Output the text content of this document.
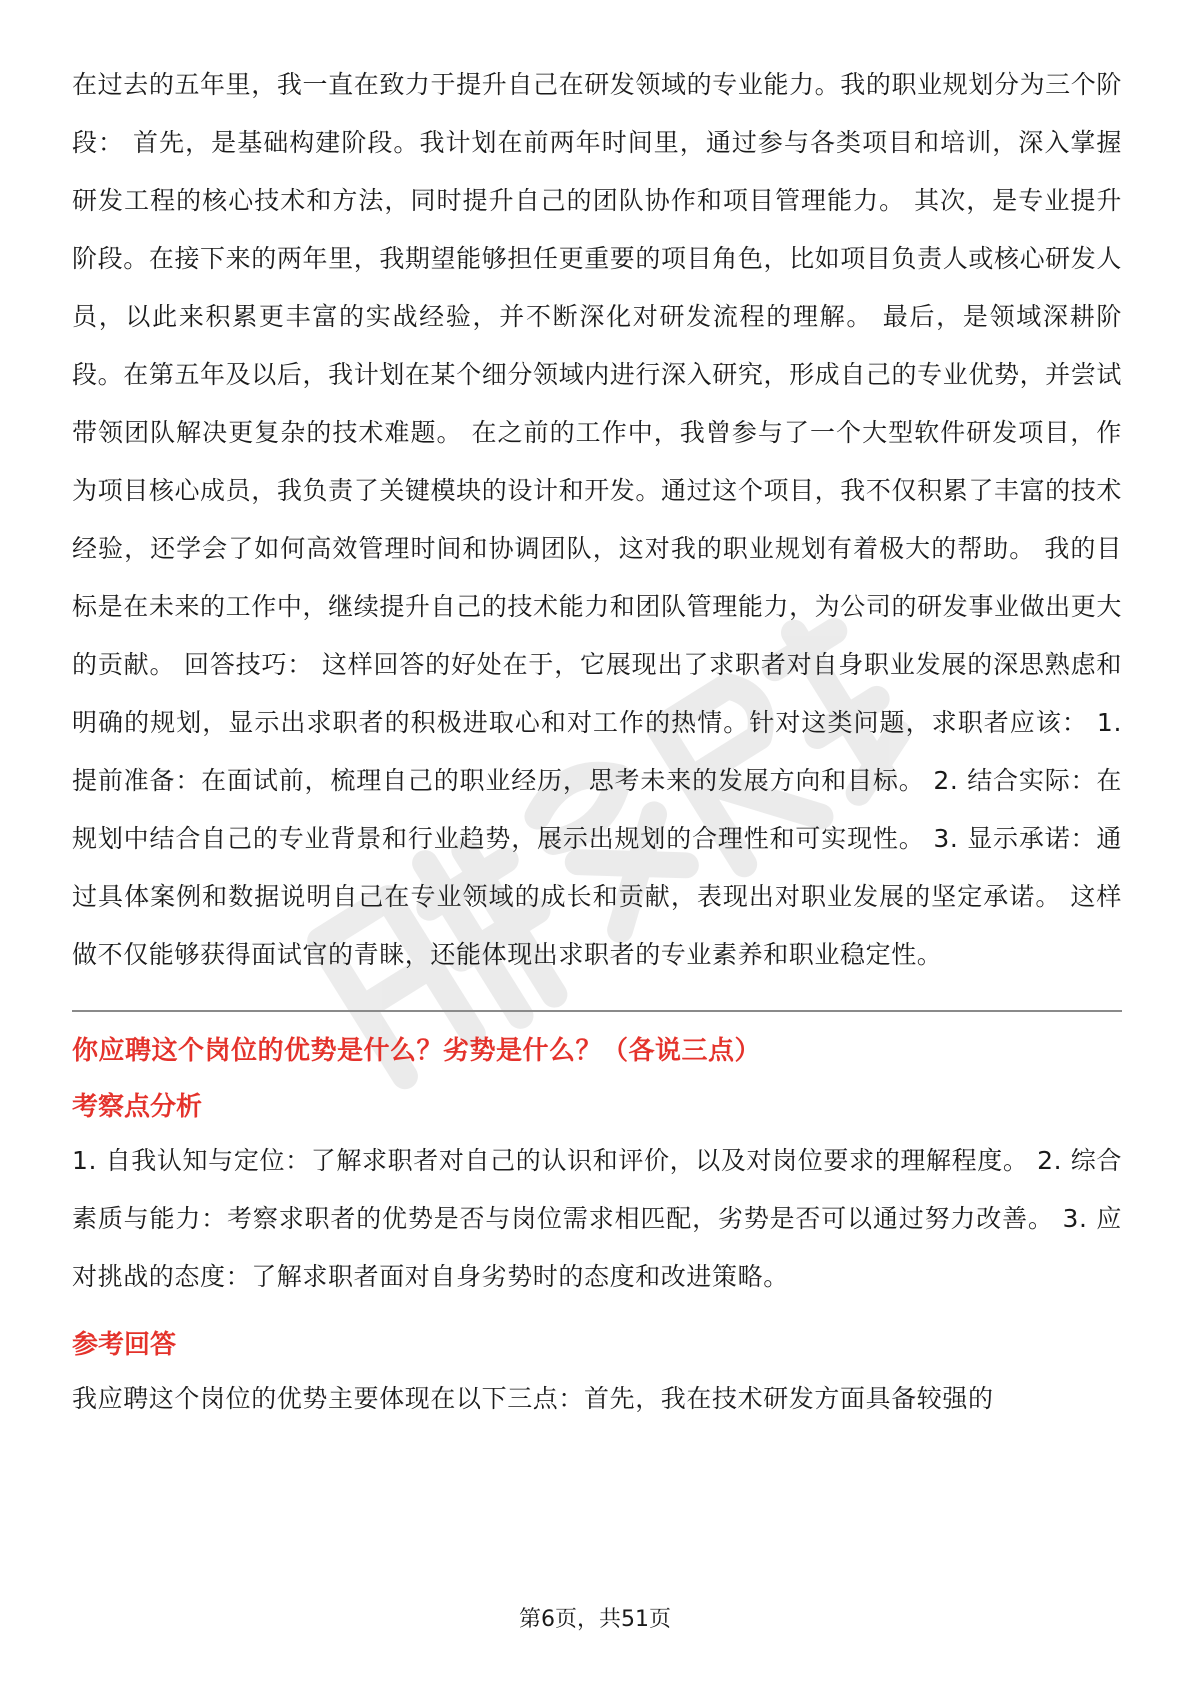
在过去的五年里，我一直在致力于提升自己在研发领域的专业能力。我的职业规划分为三个阶段： 首先，是基础构建阶段。我计划在前两年时间里，通过参与各类项目和培训，深入掌握研发工程的核心技术和方法，同时提升自己的团队协作和项目管理能力。 其次，是专业提升阶段。在接下来的两年里，我期望能够担任更重要的项目角色，比如项目负责人或核心研发人员，以此来积累更丰富的实战经验，并不断深化对研发流程的理解。 最后，是领域深耕阶段。在第五年及以后，我计划在某个细分领域内进行深入研究，形成自己的专业优势，并尝试带领团队解决更复杂的技术难题。 在之前的工作中，我曾参与了一个大型软件研发项目，作为项目核心成员，我负责了关键模块的设计和开发。通过这个项目，我不仅积累了丰富的技术经验，还学会了如何高效管理时间和协调团队，这对我的职业规划有着极大的帮助。 我的目标是在未来的工作中，继续提升自己的技术能力和团队管理能力，为公司的研发事业做出更大的贡献。 回答技巧： 这样回答的好处在于，它展现出了求职者对自身职业发展的深思熟虑和明确的规划，显示出求职者的积极进取心和对工作的热情。针对这类问题，求职者应该： 1. 提前准备：在面试前，梳理自己的职业经历，思考未来的发展方向和目标。 2. 结合实际：在规划中结合自己的专业背景和行业趋势，展示出规划的合理性和可实现性。 3. 显示承诺：通过具体案例和数据说明自己在专业领域的成长和贡献，表现出对职业发展的坚定承诺。 这样做不仅能够获得面试官的青睐，还能体现出求职者的专业素养和职业稳定性。

你应聘这个岗位的优势是什么？劣势是什么？（各说三点）
考察点分析

1. 自我认知与定位：了解求职者对自己的认识和评价，以及对岗位要求的理解程度。 2. 综合素质与能力：考察求职者的优势是否与岗位需求相匹配，劣势是否可以通过努力改善。 3. 应对挑战的态度：了解求职者面对自身劣势时的态度和改进策略。

参考回答

我应聘这个岗位的优势主要体现在以下三点：首先，我在技术研发方面具备较强的

第6页，共51页
